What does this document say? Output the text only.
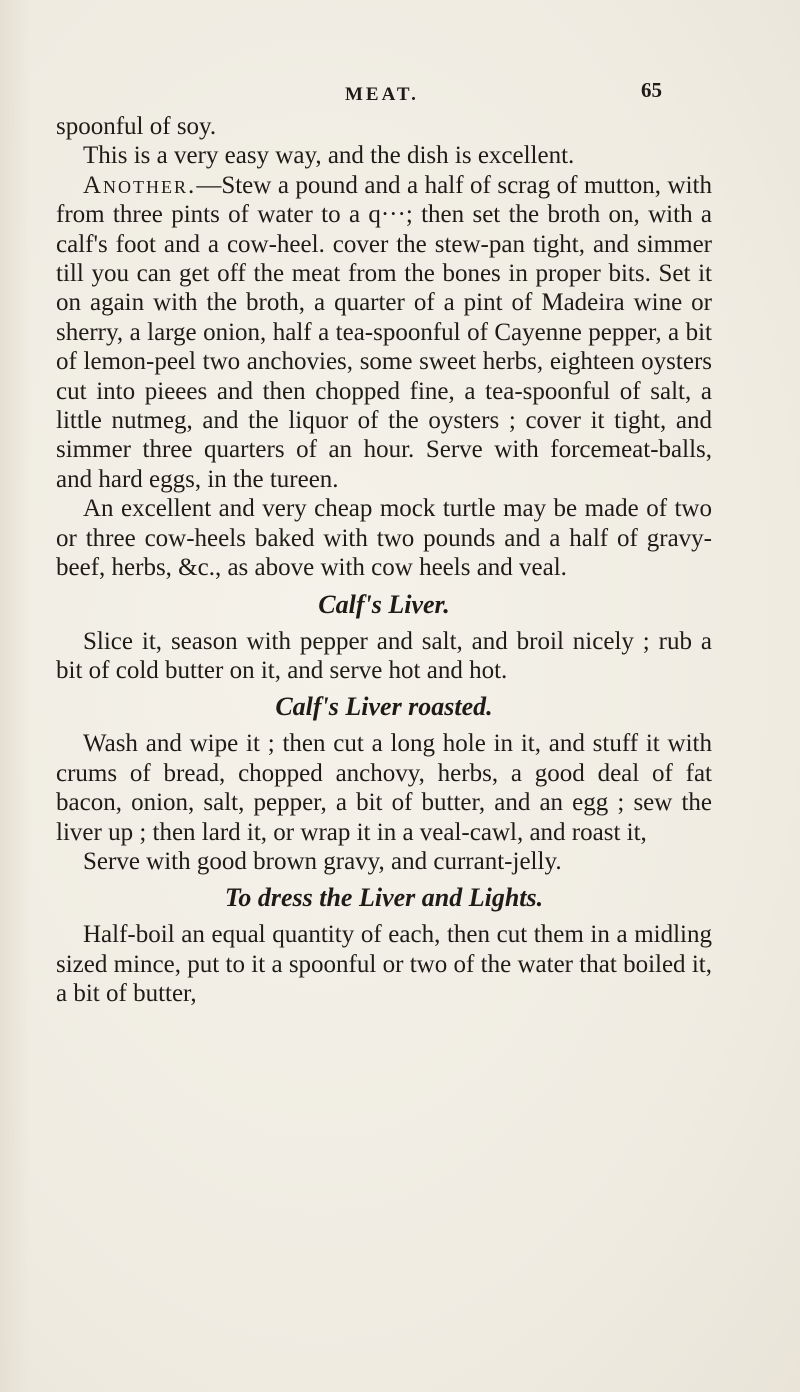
MEAT.	65

spoonful of soy.

This is a very easy way, and the dish is excellent.

Another.—Stew a pound and a half of scrag of mutton, with from three pints of water to a q···; then set the broth on, with a calf's foot and a cow-heel. cover the stew-pan tight, and simmer till you can get off the meat from the bones in proper bits. Set it on again with the broth, a quarter of a pint of Madeira wine or sherry, a large onion, half a tea-spoonful of Cayenne pepper, a bit of lemon-peel two anchovies, some sweet herbs, eighteen oysters cut into pieees and then chopped fine, a tea-spoonful of salt, a little nutmeg, and the liquor of the oysters ; cover it tight, and simmer three quarters of an hour. Serve with forcemeat-balls, and hard eggs, in the tureen.

An excellent and very cheap mock turtle may be made of two or three cow-heels baked with two pounds and a half of gravy-beef, herbs, &c., as above with cow heels and veal.

Calf's Liver.

Slice it, season with pepper and salt, and broil nicely ; rub a bit of cold butter on it, and serve hot and hot.

Calf's Liver roasted.

Wash and wipe it ; then cut a long hole in it, and stuff it with crums of bread, chopped anchovy, herbs, a good deal of fat bacon, onion, salt, pepper, a bit of butter, and an egg ; sew the liver up ; then lard it, or wrap it in a veal-cawl, and roast it,

Serve with good brown gravy, and currant-jelly.

To dress the Liver and Lights.

Half-boil an equal quantity of each, then cut them in a midling sized mince, put to it a spoonful or two of the water that boiled it, a bit of butter,
